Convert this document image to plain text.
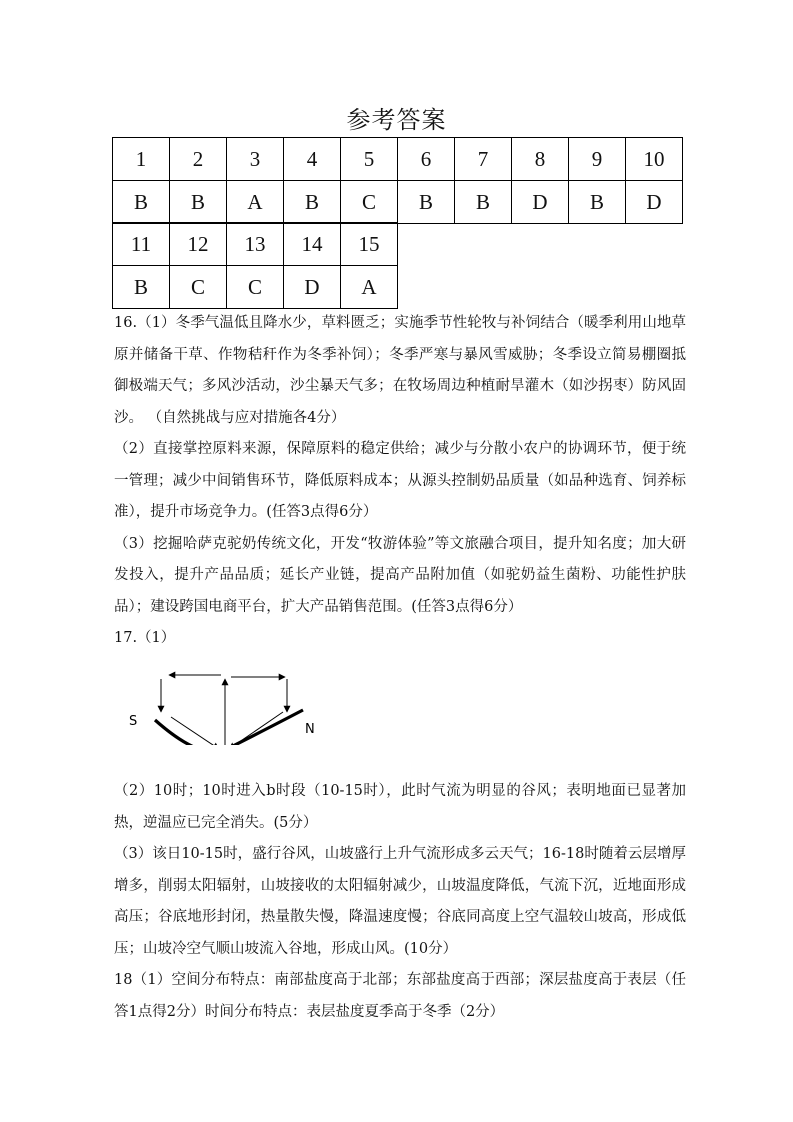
参考答案
1	2	3	4	5	6	7	8	9	10
B	B	A	B	C	B	B	D	B	D
11	12	13	14	15
B	C	C	D	A

16.（1）冬季气温低且降水少，草料匮乏；实施季节性轮牧与补饲结合（暖季利用山地草原并储备干草、作物秸秆作为冬季补饲）；冬季严寒与暴风雪威胁；冬季设立简易棚圈抵御极端天气；多风沙活动，沙尘暴天气多；在牧场周边种植耐旱灌木（如沙拐枣）防风固沙。 （自然挑战与应对措施各4分）

（2）直接掌控原料来源，保障原料的稳定供给；减少与分散小农户的协调环节，便于统一管理；减少中间销售环节，降低原料成本；从源头控制奶品质量（如品种选育、饲养标准），提升市场竞争力。(任答3点得6分）

（3）挖掘哈萨克驼奶传统文化，开发“牧游体验”等文旅融合项目，提升知名度；加大研发投入，提升产品品质；延长产业链，提高产品附加值（如驼奶益生菌粉、功能性护肤品）；建设跨国电商平台，扩大产品销售范围。(任答3点得6分）

17.（1）

S
N

（2）10时；10时进入b时段（10-15时），此时气流为明显的谷风；表明地面已显著加热，逆温应已完全消失。(5分）

（3）该日10-15时，盛行谷风，山坡盛行上升气流形成多云天气；16-18时随着云层增厚增多，削弱太阳辐射，山坡接收的太阳辐射减少，山坡温度降低，气流下沉，近地面形成高压；谷底地形封闭，热量散失慢，降温速度慢；谷底同高度上空气温较山坡高，形成低压；山坡冷空气顺山坡流入谷地，形成山风。(10分）

18（1）空间分布特点：南部盐度高于北部；东部盐度高于西部；深层盐度高于表层（任答1点得2分）时间分布特点：表层盐度夏季高于冬季（2分）
